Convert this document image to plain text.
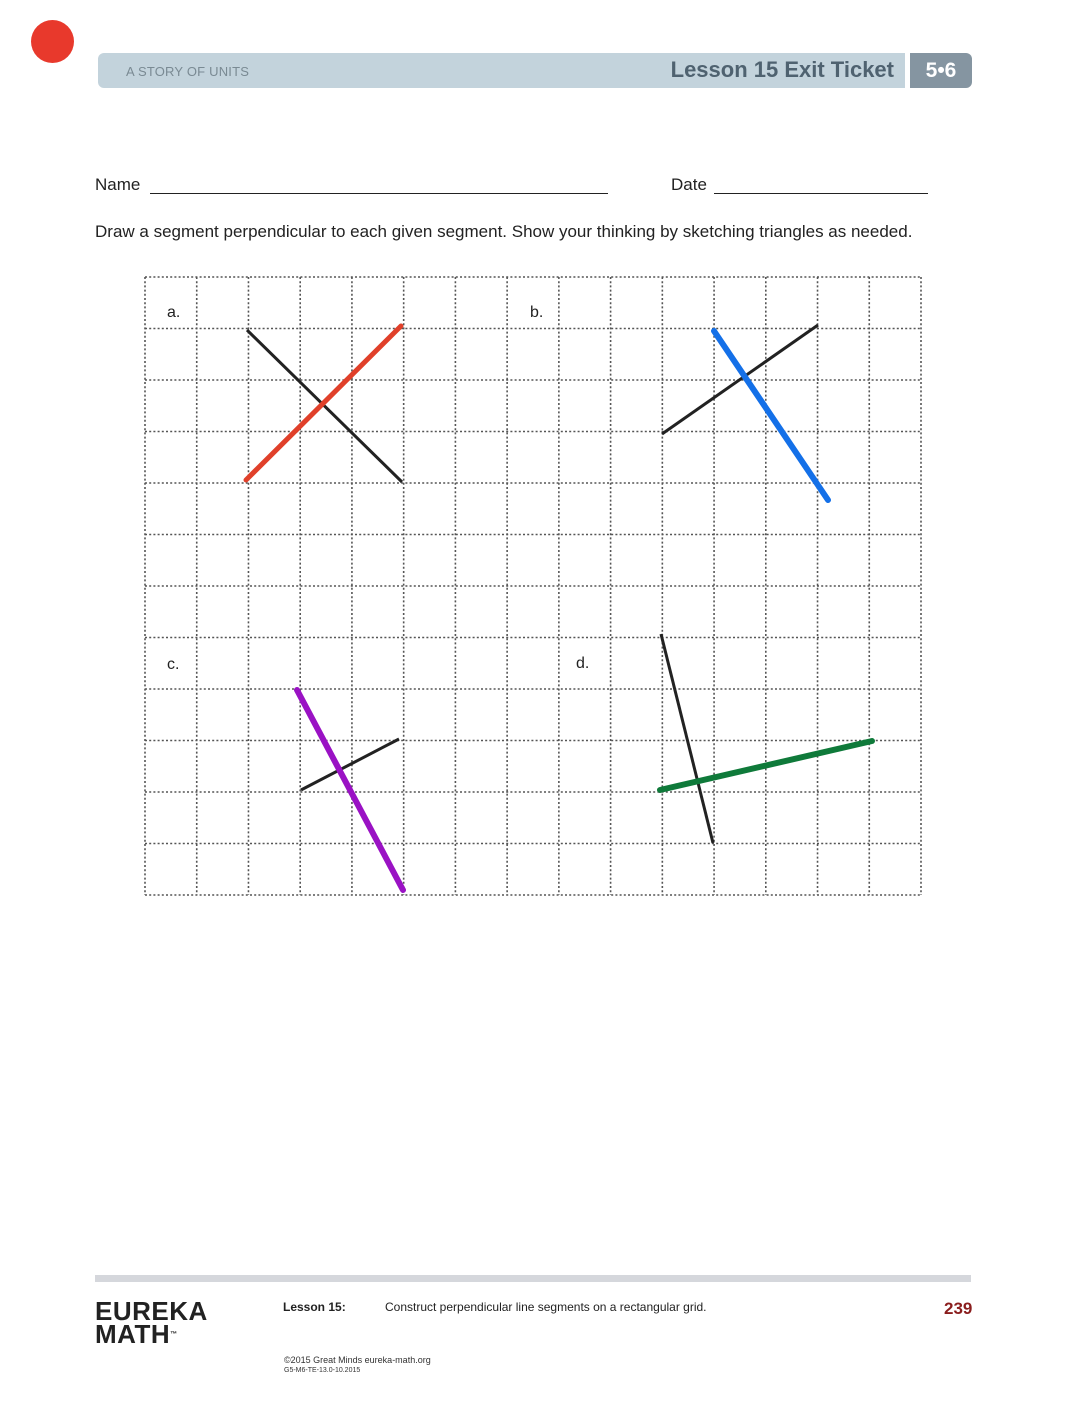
A STORY OF UNITS	Lesson 15 Exit Ticket	5•6
Name	Date
Draw a segment perpendicular to each given segment. Show your thinking by sketching triangles as needed.
a.	b.
c.	d.
EUREKA
MATH™
Lesson 15:	Construct perpendicular line segments on a rectangular grid.	239
©2015 Great Minds eureka-math.org
G5-M6-TE-13.0-10.2015
